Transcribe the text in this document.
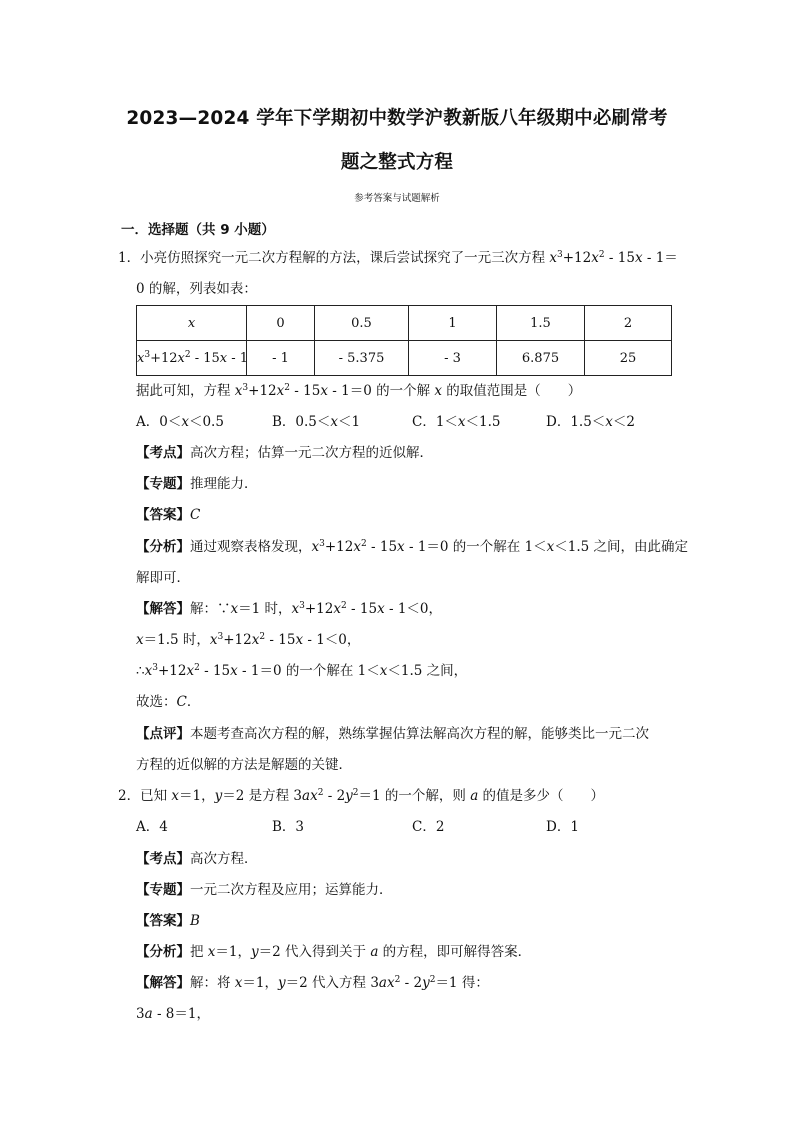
2023—2024 学年下学期初中数学沪教新版八年级期中必刷常考
题之整式方程
参考答案与试题解析
一．选择题（共 9 小题）
1．小亮仿照探究一元二次方程解的方法，课后尝试探究了一元三次方程 $x^3+12x^2 - 15x - 1=$
0 的解，列表如表：
x	0	0.5	1	1.5	2
$x^3+12x^2 - 15x - 1$	- 1	- 5.375	- 3	6.875	25
据此可知，方程 $x^3+12x^2 - 15x - 1=0$ 的一个解 x 的取值范围是（　　）
A．0＜x＜0.5	B．0.5＜x＜1	C．1＜x＜1.5	D．1.5＜x＜2
【考点】高次方程；估算一元二次方程的近似解．
【专题】推理能力．
【答案】C
【分析】通过观察表格发现，$x^3+12x^2 - 15x - 1=0$ 的一个解在 1＜x＜1.5 之间，由此确定
解即可．
【解答】解：∵x＝1 时，$x^3+12x^2 - 15x - 1<0$，
x＝1.5 时，$x^3+12x^2 - 15x - 1<0$，
$\therefore x^3+12x^2 - 15x - 1=0$ 的一个解在 1＜x＜1.5 之间，
故选：C．
【点评】本题考查高次方程的解，熟练掌握估算法解高次方程的解，能够类比一元二次
方程的近似解的方法是解题的关键．
2．已知 x＝1，y＝2 是方程 $3ax^2 - 2y^2=1$ 的一个解，则 a 的值是多少（　　）
A．4	B．3	C．2	D．1
【考点】高次方程．
【专题】一元二次方程及应用；运算能力．
【答案】B
【分析】把 x＝1，y＝2 代入得到关于 a 的方程，即可解得答案．
【解答】解：将 x＝1，y＝2 代入方程 $3ax^2 - 2y^2=1$ 得：
3a - 8＝1，
